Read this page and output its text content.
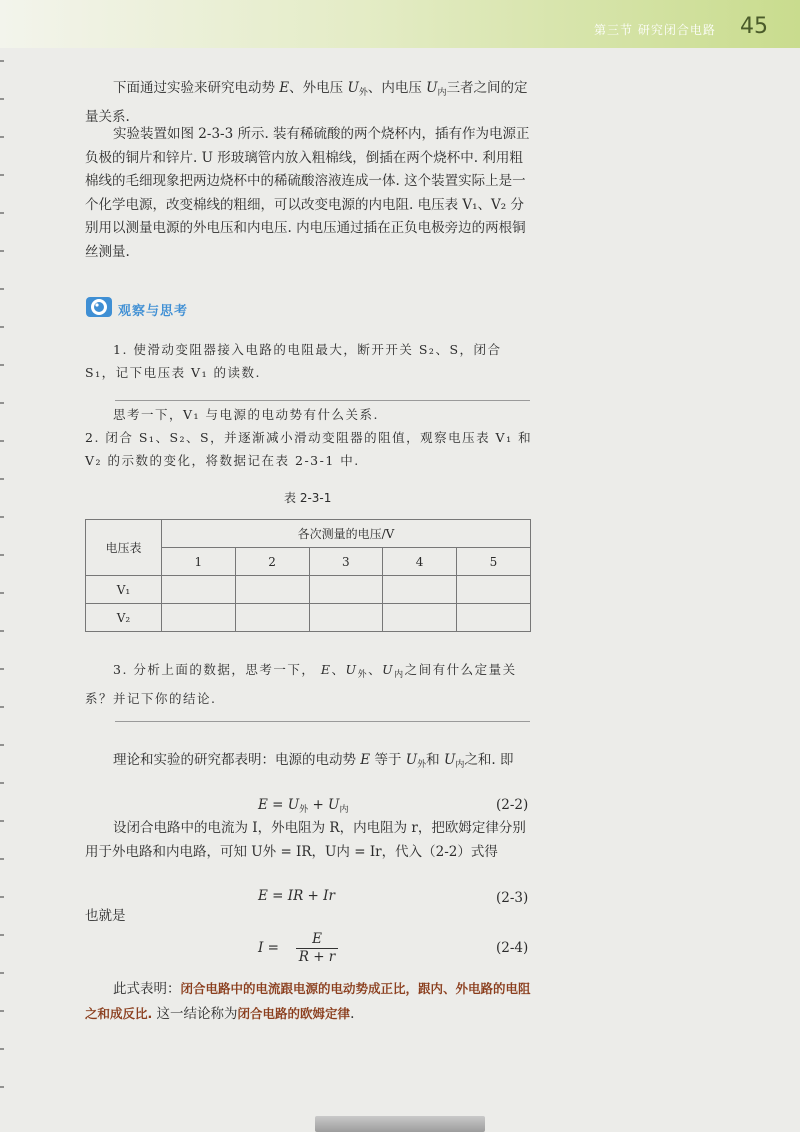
第三节 研究闭合电路 45

下面通过实验来研究电动势 E、外电压 $U_外$、内电压 $U_内$三者之间的定量关系.

实验装置如图 2-3-3 所示. 装有稀硫酸的两个烧杯内，插有作为电源正负极的铜片和锌片. U 形玻璃管内放入粗棉线，倒插在两个烧杯中. 利用粗棉线的毛细现象把两边烧杯中的稀硫酸溶液连成一体. 这个装置实际上是一个化学电源，改变棉线的粗细，可以改变电源的内电阻. 电压表 V₁、V₂ 分别用以测量电源的外电压和内电压. 内电压通过插在正负电极旁边的两根铜丝测量.

观察与思考

1. 使滑动变阻器接入电路的电阻最大，断开开关 S₂、S，闭合 S₁，记下电压表 V₁ 的读数.

思考一下，V₁ 与电源的电动势有什么关系.
2. 闭合 S₁、S₂、S，并逐渐减小滑动变阻器的阻值，观察电压表 V₁ 和 V₂ 的示数的变化，将数据记在表 2-3-1 中.

表 2-3-1
电压表	各次测量的电压/V				
	1	2	3	4	5
V₁					
V₂					

3. 分析上面的数据，思考一下， E、$U_外$、$U_内$之间有什么定量关系？并记下你的结论.

理论和实验的研究都表明：电源的电动势 E 等于 $U_外$和 $U_内$之和. 即

$E = U_外 + U_内$	(2-2)

设闭合电路中的电流为 I，外电阻为 R，内电阻为 r，把欧姆定律分别用于外电路和内电路，可知 U外 = IR，U内 = Ir，代入（2-2）式得

E = IR + Ir	(2-3)

也就是

$I = \frac{E}{R + r}$	(2-4)

此式表明：闭合电路中的电流跟电源的电动势成正比，跟内、外电路的电阻之和成反比. 这一结论称为闭合电路的欧姆定律.
